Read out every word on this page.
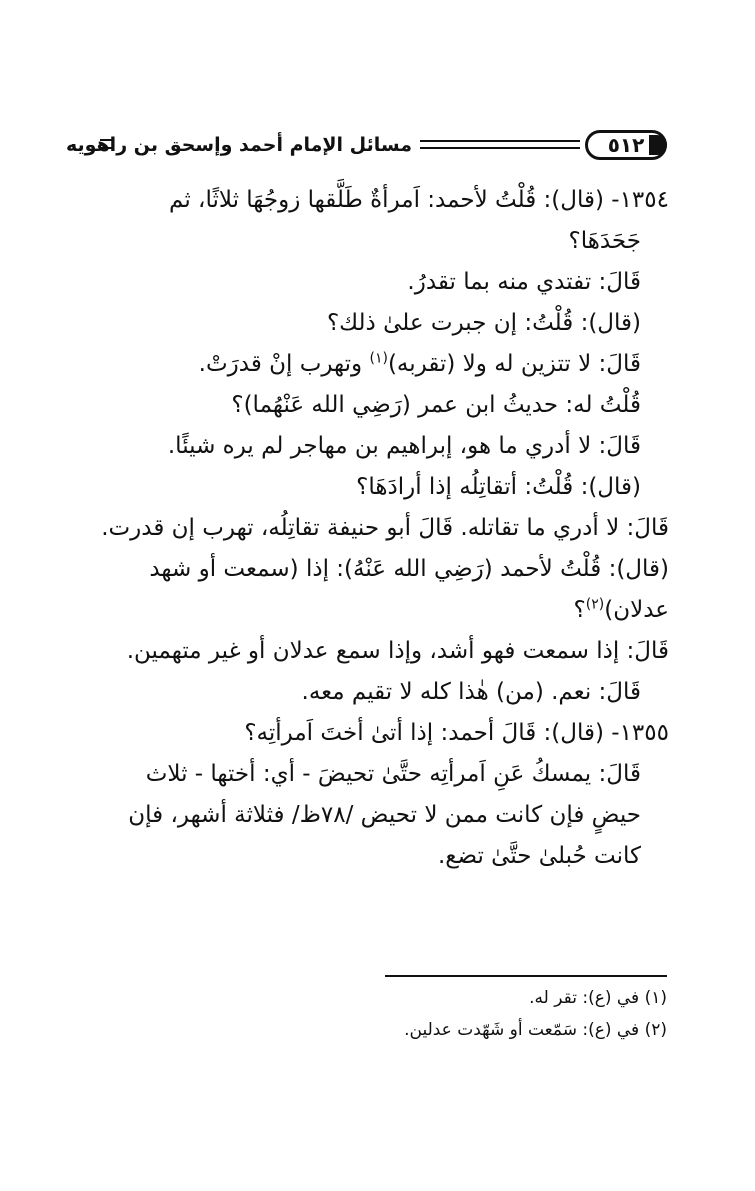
مسائل الإمام أحمد وإسحق بن راهويه	٥١٢

١٣٥٤- (قال): قُلْتُ لأحمد: اَمرأةٌ طَلَّقها زوجُهَا ثلاثًا، ثم

جَحَدَهَا؟

قَالَ: تفتدي منه بما تقدرُ.

(قال): قُلْتُ: إن جبرت علىٰ ذلك؟

قَالَ: لا تتزين له ولا (تقربه)$^{(١)}$ وتهرب إنْ قدرَتْ.

قُلْتُ له: حديثُ ابن عمر (رَضِي الله عَنْهُما)؟

قَالَ: لا أدري ما هو، إبراهيم بن مهاجر لم يره شيئًا.

(قال): قُلْتُ: أتقاتِلُه إذا أرادَهَا؟

قَالَ: لا أدري ما تقاتله. قَالَ أبو حنيفة تقاتِلُه، تهرب إن قدرت.

(قال): قُلْتُ لأحمد (رَضِي الله عَنْهُ): إذا (سمعت أو شهد

عدلان)$^{(٢)}$؟

قَالَ: إذا سمعت فهو أشد، وإذا سمع عدلان أو غير متهمين.

قَالَ: نعم. (من) هٰذا كله لا تقيم معه.

١٣٥٥- (قال): قَالَ أحمد: إذا أتىٰ أختَ اَمرأتِه؟

قَالَ: يمسكُ عَنِ اَمرأتِه حتَّىٰ تحيضَ - أي: أختها - ثلاث

حيضٍ فإن كانت ممن لا تحيض /٧٨ظ/ فثلاثة أشهر، فإن

كانت حُبلىٰ حتَّىٰ تضع.

(١) في (ع): تقر له.

(٢) في (ع): سَمّعت أو شَهّدت عدلين.
